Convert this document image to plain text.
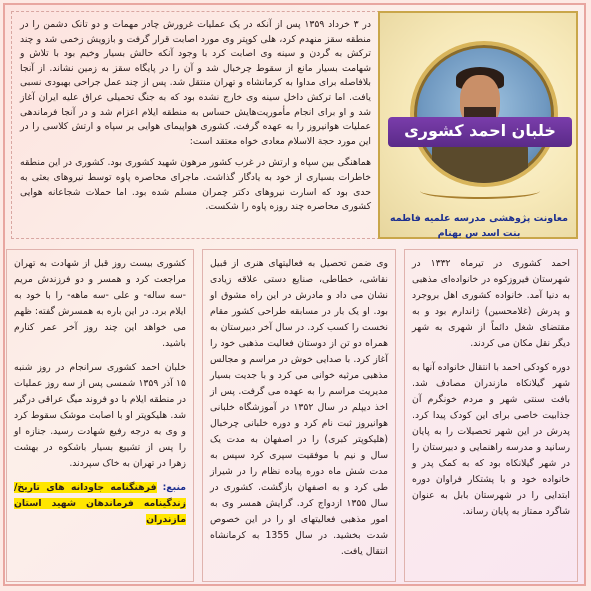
در ۳ خرداد ۱۳۵۹ پس از آنکه در یک عملیات غرورش چادر مهمات و دو تانک دشمن را در منطقه سقز منهدم کرد، هلی کوپتر وی مورد اصابت قرار گرفت و بازویش زخمی شد و چند ترکش به گردن و سینه وی اصابت کرد با وجود آنکه حالش بسیار وخیم بود با تلاش و شهامت بسیار مانع از سقوط چرخبال شد و آن را در پایگاه سقز به زمین نشاند. از آنجا بلافاصله برای مداوا به کرمانشاه و تهران منتقل شد. پس از چند عمل جراحی بهبودی نسبی یافت. اما ترکش داخل سینه وی خارج نشده بود که به جنگ تحمیلی عراق علیه ایران آغاز شد و او برای انجام مأموریت‌هایش حساس به منطقه ایلام اعزام شد و در آنجا فرماندهی عملیات هوانیروز را به عهده گرفت. کشوری هواپیمای هوایی بر سپاه و ارتش کلاسی را در این مورد حجة الاسلام معادی خواه معتقد است:

هماهنگی بین سپاه و ارتش در غرب کشور مرهون شهید کشوری بود. کشوری در این منطقه خاطرات بسیاری از خود به یادگار گذاشت. ماجرای محاصره پاوه توسط نیروهای بعثی به حدی بود که اسارت نیروهای دکتر چمران مسلم شده بود. اما حملات شجاعانه هوایی کشوری محاصره چند روزه پاوه را شکست.

خلبان احمد کشوری
معاونت پژوهشی مدرسه علمیه فاطمه بنت اسد س بهنام

احمد کشوری در تیرماه ۱۳۳۲ در شهرستان فیروزکوه در خانواده‌ای مذهبی به دنیا آمد. خانواده کشوری اهل بروجرد و پدرش (غلامحسین) ژاندارم بود و به مقتضای شغل دائماً از شهری به شهر دیگر نقل مکان می کردند.

دوره کودکی احمد با انتقال خانواده آنها به شهر گیلانکاه مازندران مصادف شد. بافت سنتی شهر و مردم خونگرم آن جذابیت خاصی برای این کودک پیدا کرد. پدرش در این شهر تحصیلات را به پایان رسانید و مدرسه راهنمایی و دبیرستان را در شهر گیلانکاه بود که به کمک پدر و خانواده خود و با پشتکار فراوان دوره ابتدایی را در شهرستان بابل به عنوان شاگرد ممتاز به پایان رساند.

وی ضمن تحصیل به فعالیتهای هنری از قبیل نقاشی، خطاطی، صنایع دستی علاقه زیادی نشان می داد و مادرش در این راه مشوق او بود. او یک بار در مسابقه طراحی کشور مقام نخست را کسب کرد. در سال آخر دبیرستان به همراه دو تن از دوستان فعالیت مذهبی خود را آغاز کرد. با صدایی خوش در مراسم و مجالس مذهبی مرثیه خوانی می کرد و با جدیت بسیار مدیریت مراسم را به عهده می گرفت. پس از اخذ دیپلم در سال ۱۳۵۲ در آموزشگاه خلبانی هوانیروز ثبت نام کرد و دوره خلبانی چرخبال (هلیکوپتر کبری) را در اصفهان به مدت یک سال و نیم با موفقیت سپری کرد سپس به مدت شش ماه دوره پیاده نظام را در شیراز طی کرد و به اصفهان بازگشت. کشوری در سال ۱۳۵۵ ازدواج کرد. گرایش همسر وی به امور مذهبی فعالیتهای او را در این خصوص شدت بخشید. در سال 1355 به کرمانشاه انتقال یافت.

کشوری بیست روز قبل از شهادت به تهران مراجعت کرد و همسر و دو فرزندش مریم -سه ساله- و علی -سه ماهه- را با خود به ایلام برد. در این باره به همسرش گفته: ظهم می خواهد این چند روز آخر عمر کنارم باشید.

خلبان احمد کشوری سرانجام در روز شنبه ۱۵ آذر ۱۳۵۹ شمسی پس از سه روز عملیات در منطقه ایلام با دو فروند میگ عراقی درگیر شد. هلیکوپتر او با اصابت موشک سقوط کرد و وی به درجه رفیع شهادت رسید. جنازه او را پس از تشییع بسیار باشکوه در بهشت زهرا در تهران به خاک سپردند.

منبع: فرهنگنامه جاودانه های تاریخ/ زندگینامه فرماندهان شهید استان مازندران
